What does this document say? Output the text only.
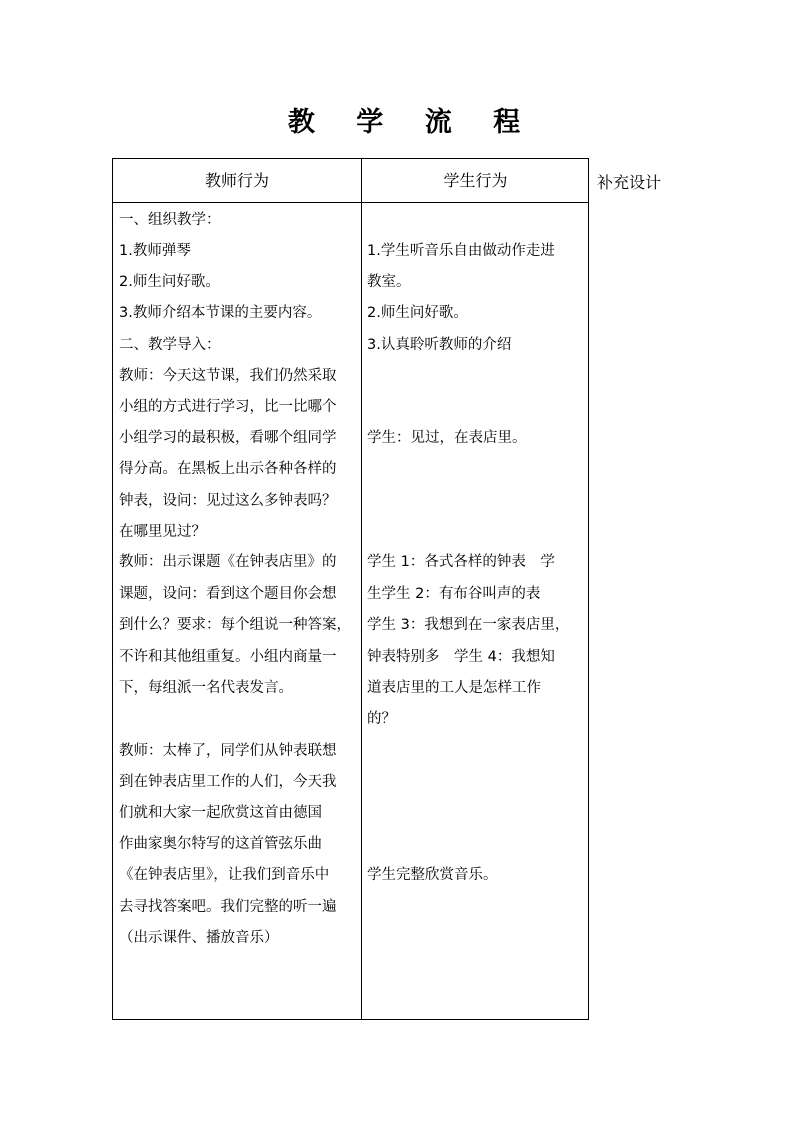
教 学 流 程
教师行为	学生行为	补充设计
一、组织教学：
1.教师弹琴
2.师生问好歌。
3.教师介绍本节课的主要内容。
二、教学导入：
教师：今天这节课，我们仍然采取
小组的方式进行学习，比一比哪个
小组学习的最积极，看哪个组同学
得分高。在黑板上出示各种各样的
钟表，设问：见过这么多钟表吗？
在哪里见过？
教师：出示课题《在钟表店里》的
课题，设问：看到这个题目你会想
到什么？要求：每个组说一种答案，
不许和其他组重复。小组内商量一
下，每组派一名代表发言。
教师：太棒了，同学们从钟表联想
到在钟表店里工作的人们，今天我
们就和大家一起欣赏这首由德国
作曲家奥尔特写的这首管弦乐曲
《在钟表店里》，让我们到音乐中
去寻找答案吧。我们完整的听一遍
（出示课件、播放音乐）
1.学生听音乐自由做动作走进
教室。
2.师生问好歌。
3.认真聆听教师的介绍
学生：见过，在表店里。
学生 1：各式各样的钟表　学
生学生 2：有布谷叫声的表
学生 3：我想到在一家表店里，
钟表特别多　学生 4：我想知
道表店里的工人是怎样工作
的？
学生完整欣赏音乐。
